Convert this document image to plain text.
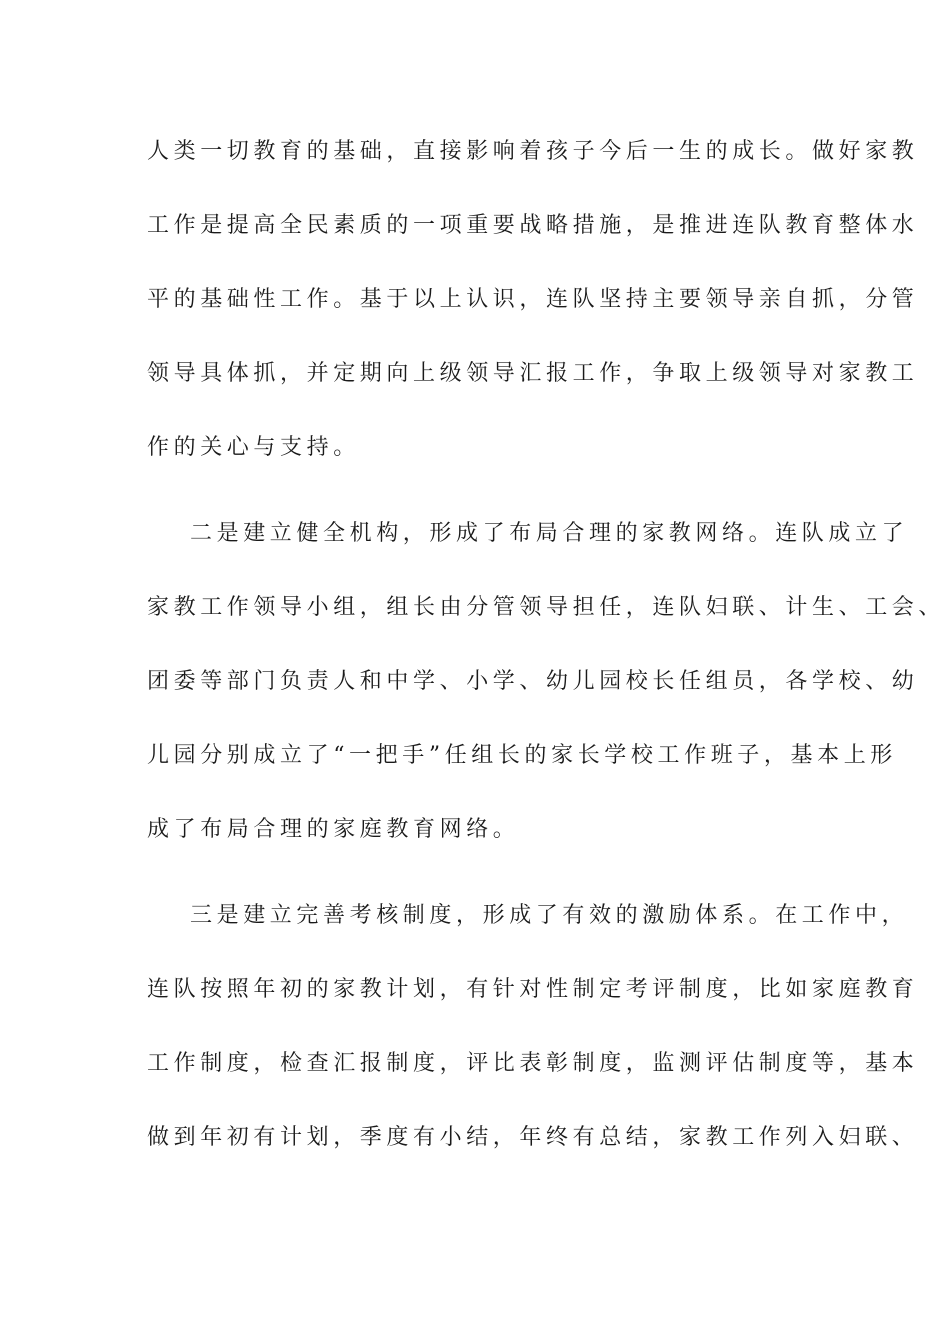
人类一切教育的基础，直接影响着孩子今后一生的成长。做好家教
工作是提高全民素质的一项重要战略措施，是推进连队教育整体水
平的基础性工作。基于以上认识，连队坚持主要领导亲自抓，分管
领导具体抓，并定期向上级领导汇报工作，争取上级领导对家教工
作的关心与支持。
二是建立健全机构，形成了布局合理的家教网络。连队成立了
家教工作领导小组，组长由分管领导担任，连队妇联、计生、工会、
团委等部门负责人和中学、小学、幼儿园校长任组员，各学校、幼
儿园分别成立了“一把手”任组长的家长学校工作班子，基本上形
成了布局合理的家庭教育网络。
三是建立完善考核制度，形成了有效的激励体系。在工作中，
连队按照年初的家教计划，有针对性制定考评制度，比如家庭教育
工作制度，检查汇报制度，评比表彰制度，监测评估制度等，基本
做到年初有计划，季度有小结，年终有总结，家教工作列入妇联、
